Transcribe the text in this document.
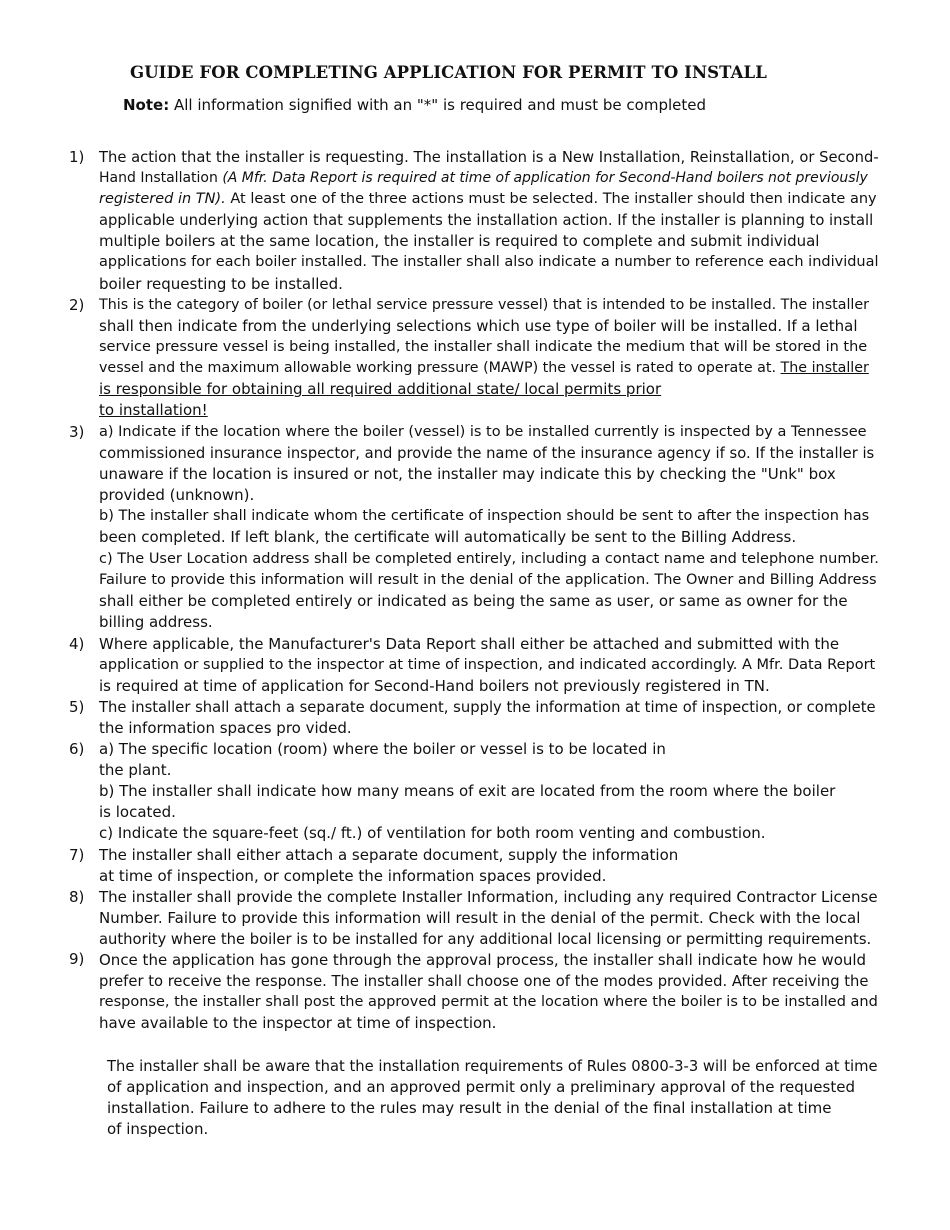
GUIDE FOR COMPLETING APPLICATION FOR PERMIT TO INSTALL

Note: All information signified with an "*" is required and must be completed

1) The action that the installer is requesting. The installation is a New Installation, Reinstallation, or Second-
Hand Installation (A Mfr. Data Report is required at time of application for Second-Hand boilers not previously
registered in TN). At least one of the three actions must be selected. The installer should then indicate any
applicable underlying action that supplements the installation action. If the installer is planning to install
multiple boilers at the same location, the installer is required to complete and submit individual
applications for each boiler installed. The installer shall also indicate a number to reference each individual
boiler requesting to be installed.
2) This is the category of boiler (or lethal service pressure vessel) that is intended to be installed. The installer
shall then indicate from the underlying selections which use type of boiler will be installed. If a lethal
service pressure vessel is being installed, the installer shall indicate the medium that will be stored in the
vessel and the maximum allowable working pressure (MAWP) the vessel is rated to operate at. The installer
is responsible for obtaining all required additional state/ local permits prior
to installation!
3) a) Indicate if the location where the boiler (vessel) is to be installed currently is inspected by a Tennessee
commissioned insurance inspector, and provide the name of the insurance agency if so. If the installer is
unaware if the location is insured or not, the installer may indicate this by checking the "Unk" box
provided (unknown).
b) The installer shall indicate whom the certificate of inspection should be sent to after the inspection has
been completed. If left blank, the certificate will automatically be sent to the Billing Address.
c) The User Location address shall be completed entirely, including a contact name and telephone number.
Failure to provide this information will result in the denial of the application. The Owner and Billing Address
shall either be completed entirely or indicated as being the same as user, or same as owner for the
billing address.
4) Where applicable, the Manufacturer's Data Report shall either be attached and submitted with the
application or supplied to the inspector at time of inspection, and indicated accordingly. A Mfr. Data Report
is required at time of application for Second-Hand boilers not previously registered in TN.
5) The installer shall attach a separate document, supply the information at time of inspection, or complete
the information spaces pro vided.
6) a) The specific location (room) where the boiler or vessel is to be located in
the plant.
b) The installer shall indicate how many means of exit are located from the room where the boiler
is located.
c) Indicate the square-feet (sq./ ft.) of ventilation for both room venting and combustion.
7) The installer shall either attach a separate document, supply the information
at time of inspection, or complete the information spaces provided.
8) The installer shall provide the complete Installer Information, including any required Contractor License
Number. Failure to provide this information will result in the denial of the permit. Check with the local
authority where the boiler is to be installed for any additional local licensing or permitting requirements.
9) Once the application has gone through the approval process, the installer shall indicate how he would
prefer to receive the response. The installer shall choose one of the modes provided. After receiving the
response, the installer shall post the approved permit at the location where the boiler is to be installed and
have available to the inspector at time of inspection.
The installer shall be aware that the installation requirements of Rules 0800-3-3 will be enforced at time
of application and inspection, and an approved permit only a preliminary approval of the requested
installation. Failure to adhere to the rules may result in the denial of the final installation at time
of inspection.
